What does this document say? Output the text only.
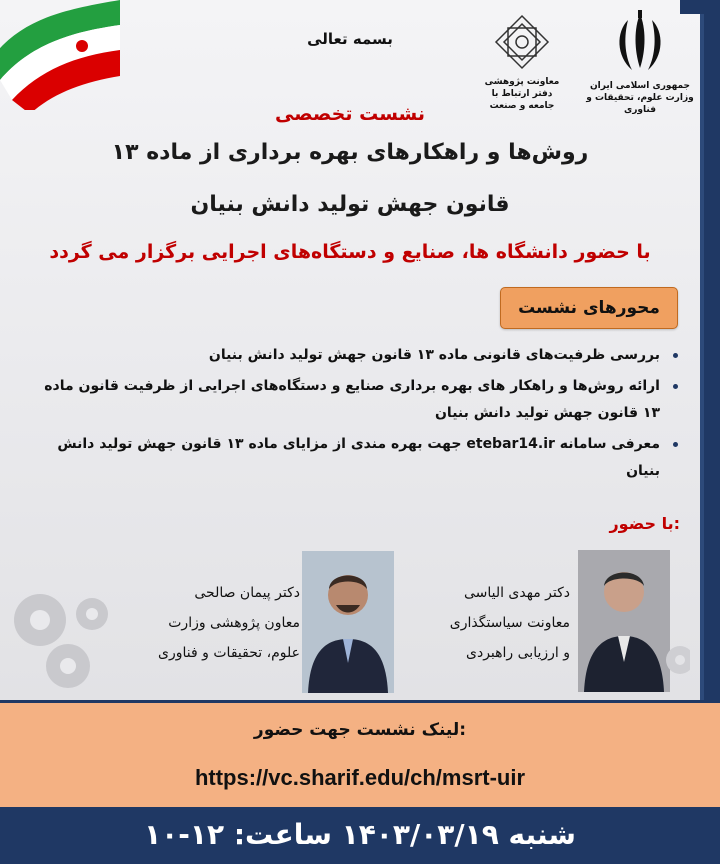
بسمه تعالی
معاونت پژوهشی
دفتر ارتباط با جامعه و صنعت
جمهوری اسلامی ایران
وزارت علوم، تحقیقات و فناوری
نشست تخصصی
روش‌ها و راهکارهای بهره برداری از ماده ۱۳
قانون جهش تولید دانش بنیان
با حضور دانشگاه ها، صنایع و دستگاه‌های اجرایی برگزار می گردد
محورهای نشست
بررسی ظرفیت‌های قانونی ماده ۱۳ قانون جهش تولید دانش بنیان
ارائه روش‌ها و راهکار های بهره برداری صنایع و دستگاه‌های اجرایی از ظرفیت قانون ماده ۱۳ قانون جهش تولید دانش بنیان
معرفی سامانه etebar14.ir جهت بهره مندی از مزایای ماده ۱۳ قانون جهش تولید دانش بنیان
با حضور:
دکتر مهدی الیاسی
معاونت سیاستگذاری
و ارزیابی راهبردی
دکتر پیمان صالحی
معاون پژوهشی وزارت
علوم، تحقیقات و فناوری
لینک نشست جهت حضور:
https://vc.sharif.edu/ch/msrt-uir
شنبه ۱۴۰۳/۰۳/۱۹ ساعت: ۱۲-۱۰
